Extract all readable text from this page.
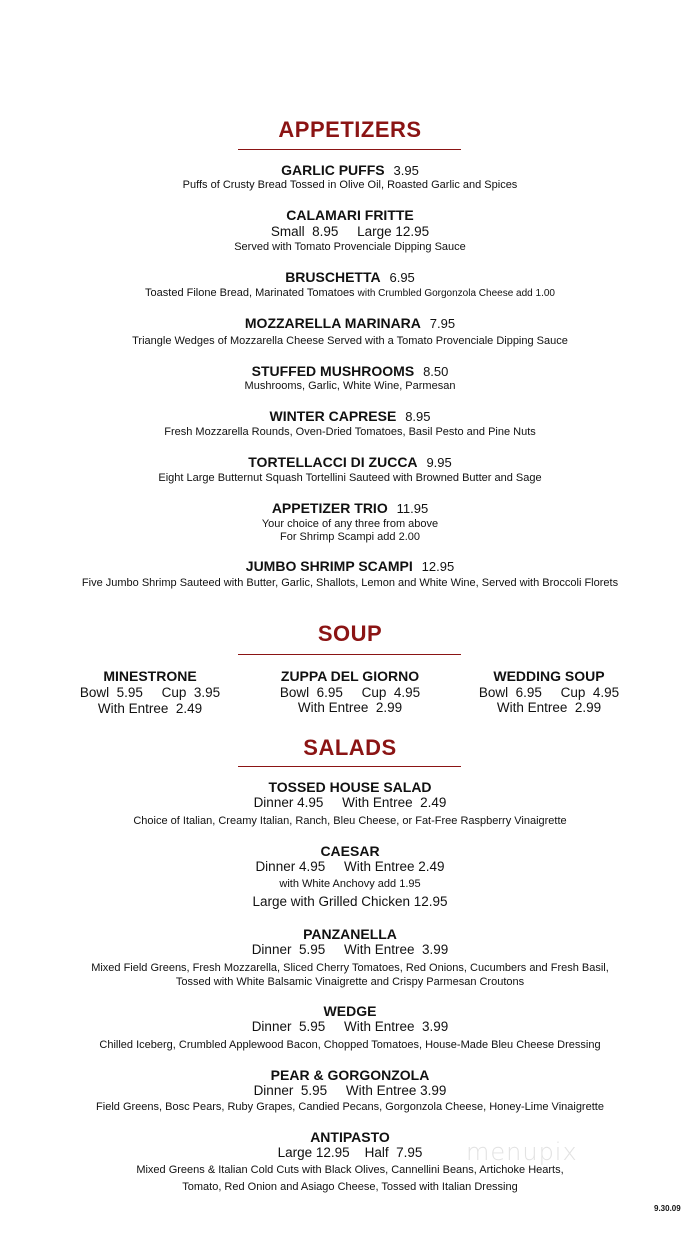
APPETIZERS
GARLIC PUFFS 3.95
Puffs of Crusty Bread Tossed in Olive Oil, Roasted Garlic and Spices
CALAMARI FRITTE
Small  8.95     Large 12.95
Served with Tomato Provenciale Dipping Sauce
BRUSCHETTA 6.95
Toasted Filone Bread, Marinated Tomatoes with Crumbled Gorgonzola Cheese add 1.00
MOZZARELLA MARINARA 7.95
Triangle Wedges of Mozzarella Cheese Served with a Tomato Provenciale Dipping Sauce
STUFFED MUSHROOMS 8.50
Mushrooms, Garlic, White Wine, Parmesan
WINTER CAPRESE 8.95
Fresh Mozzarella Rounds, Oven-Dried Tomatoes, Basil Pesto and Pine Nuts
TORTELLACCI DI ZUCCA 9.95
Eight Large Butternut Squash Tortellini Sauteed with Browned Butter and Sage
APPETIZER TRIO 11.95
Your choice of any three from above
For Shrimp Scampi add 2.00
JUMBO SHRIMP SCAMPI 12.95
Five Jumbo Shrimp Sauteed with Butter, Garlic, Shallots, Lemon and White Wine, Served with Broccoli Florets
SOUP
MINESTRONE
Bowl  5.95     Cup  3.95
With Entree  2.49
ZUPPA DEL GIORNO
Bowl  6.95     Cup  4.95
With Entree  2.99
WEDDING SOUP
Bowl  6.95     Cup  4.95
With Entree  2.99
SALADS
TOSSED HOUSE SALAD
Dinner 4.95     With Entree  2.49
Choice of Italian, Creamy Italian, Ranch, Bleu Cheese, or Fat-Free Raspberry Vinaigrette
CAESAR
Dinner 4.95     With Entree 2.49
with White Anchovy add 1.95
Large with Grilled Chicken 12.95
PANZANELLA
Dinner  5.95     With Entree  3.99
Mixed Field Greens, Fresh Mozzarella, Sliced Cherry Tomatoes, Red Onions, Cucumbers and Fresh Basil,
Tossed with White Balsamic Vinaigrette and Crispy Parmesan Croutons
WEDGE
Dinner  5.95     With Entree  3.99
Chilled Iceberg, Crumbled Applewood Bacon, Chopped Tomatoes, House-Made Bleu Cheese Dressing
PEAR & GORGONZOLA
Dinner  5.95     With Entree 3.99
Field Greens, Bosc Pears, Ruby Grapes, Candied Pecans, Gorgonzola Cheese, Honey-Lime Vinaigrette
ANTIPASTO
Large 12.95    Half  7.95
Mixed Greens & Italian Cold Cuts with Black Olives, Cannellini Beans, Artichoke Hearts,
Tomato, Red Onion and Asiago Cheese, Tossed with Italian Dressing
menupix
9.30.09
